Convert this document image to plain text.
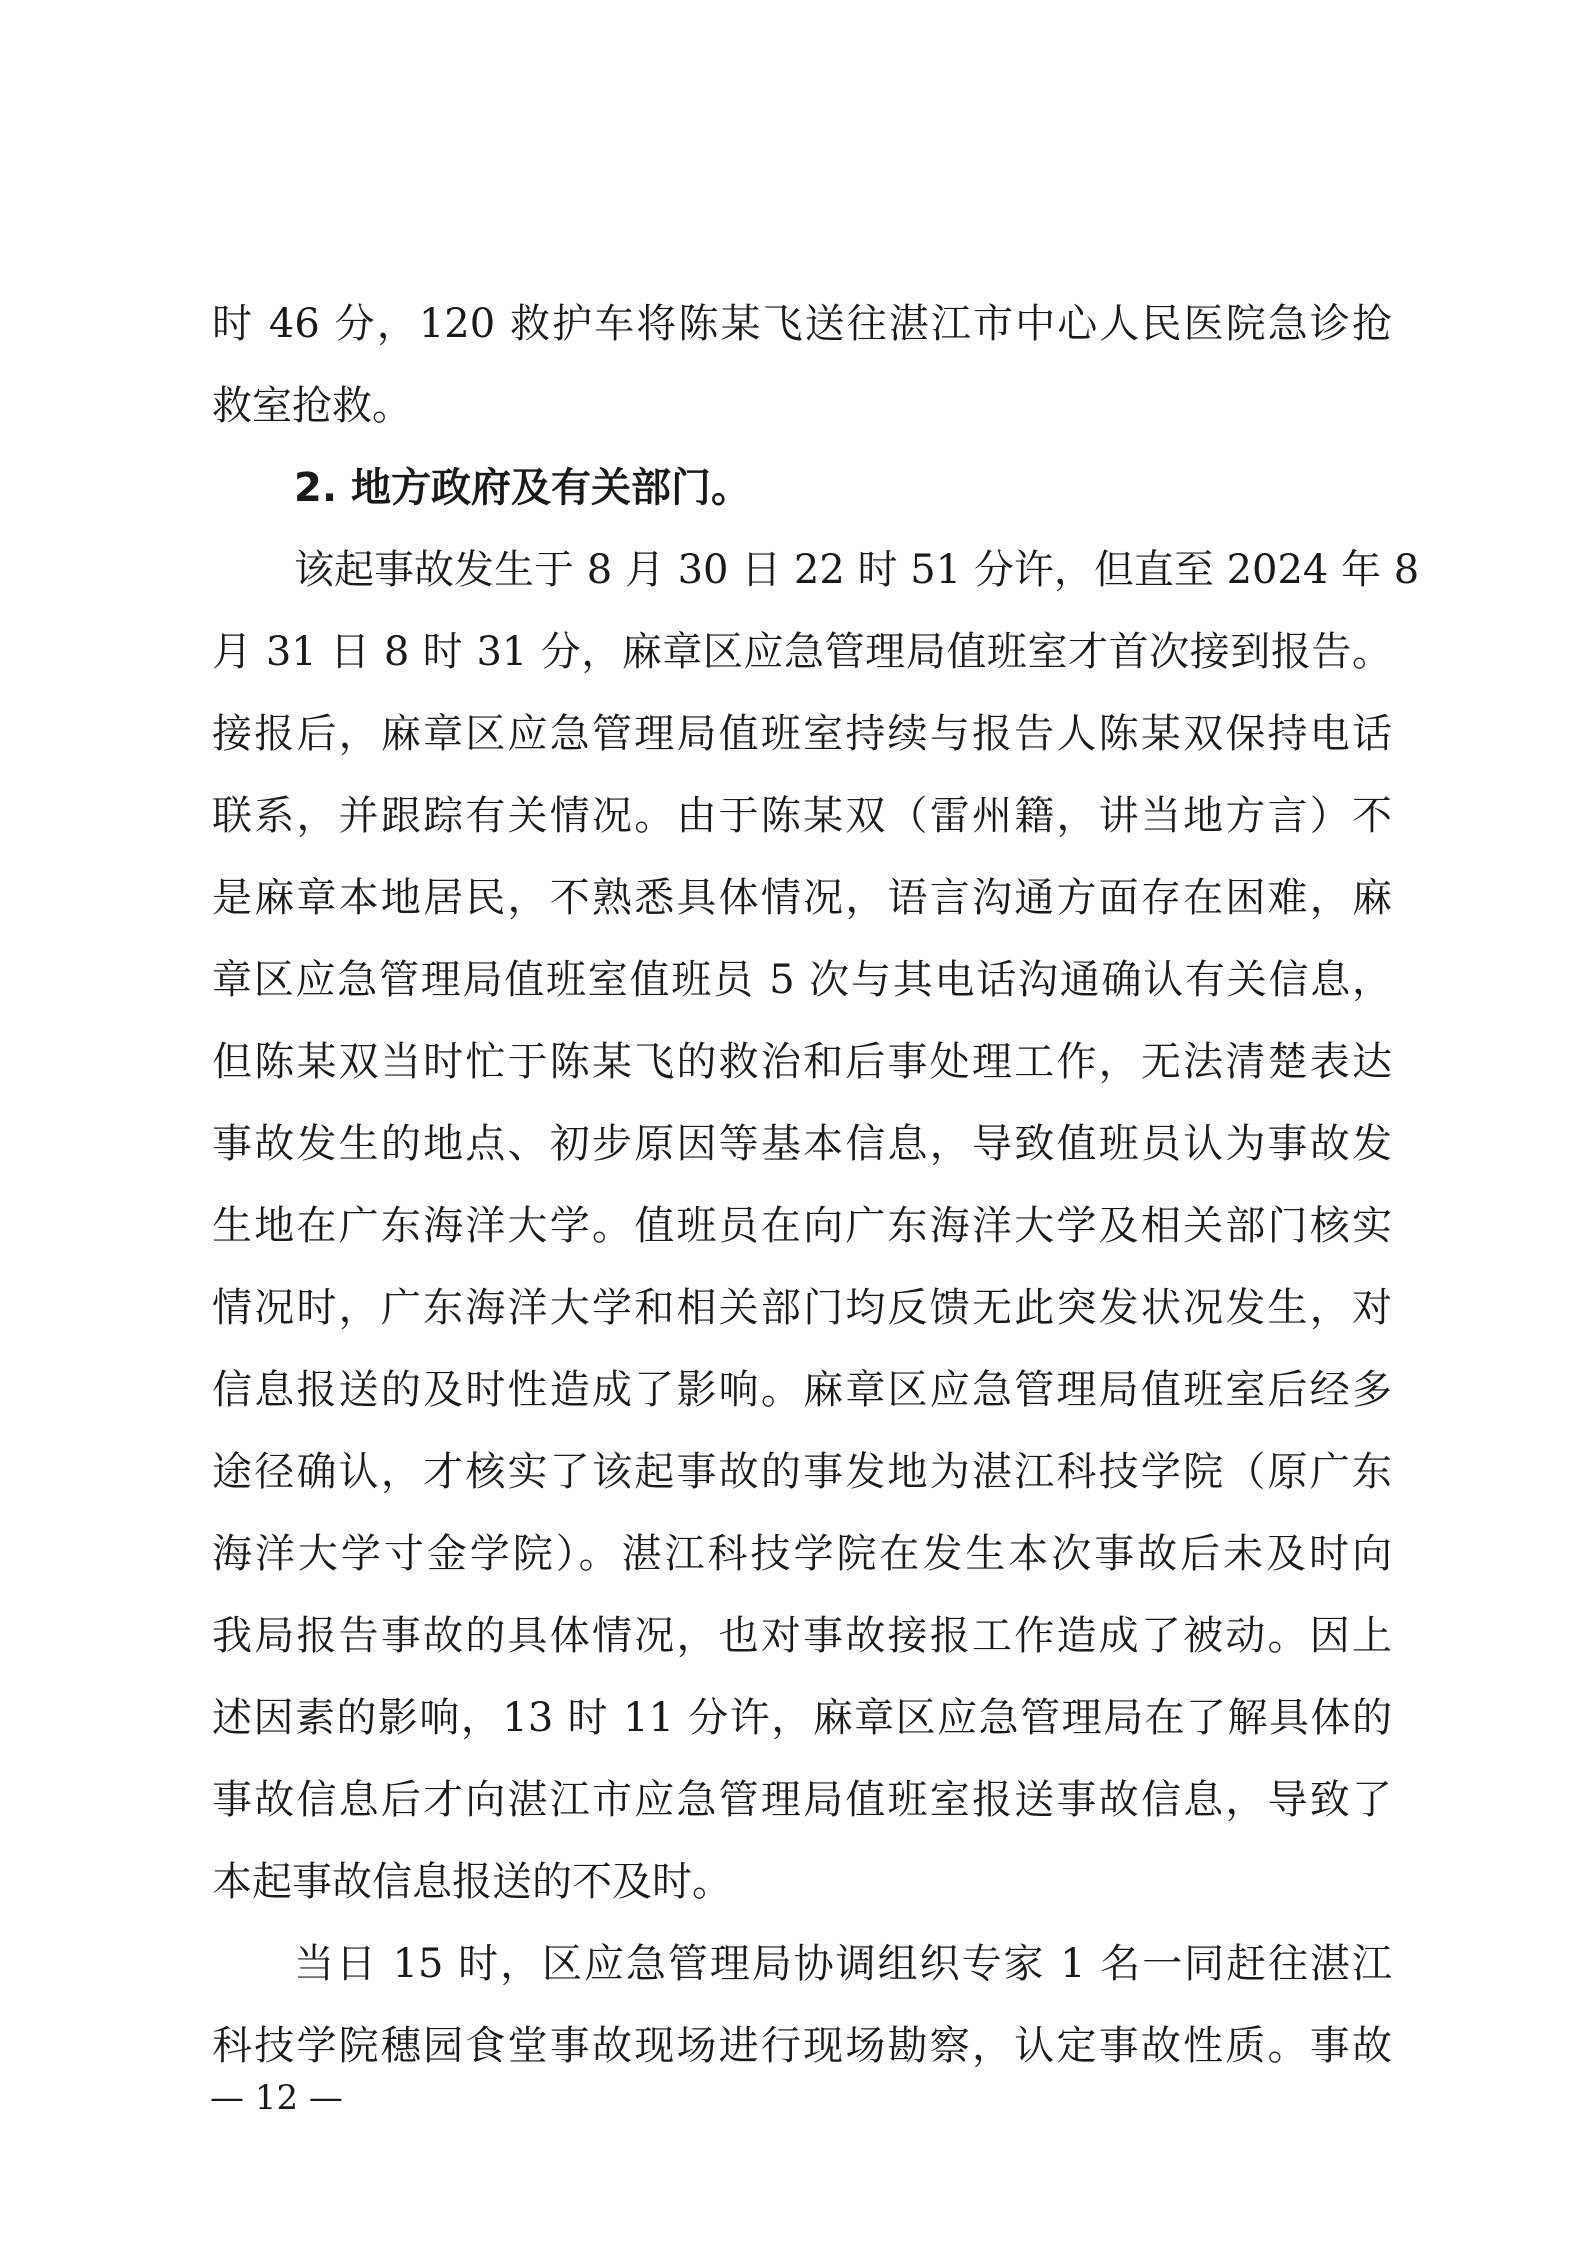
时 46 分，120 救护车将陈某飞送往湛江市中心人民医院急诊抢
救室抢救。
2. 地方政府及有关部门。
该起事故发生于 8 月 30 日 22 时 51 分许，但直至 2024 年 8
月 31 日 8 时 31 分，麻章区应急管理局值班室才首次接到报告。
接报后，麻章区应急管理局值班室持续与报告人陈某双保持电话
联系，并跟踪有关情况。由于陈某双（雷州籍，讲当地方言）不
是麻章本地居民，不熟悉具体情况，语言沟通方面存在困难，麻
章区应急管理局值班室值班员 5 次与其电话沟通确认有关信息，
但陈某双当时忙于陈某飞的救治和后事处理工作，无法清楚表达
事故发生的地点、初步原因等基本信息，导致值班员认为事故发
生地在广东海洋大学。值班员在向广东海洋大学及相关部门核实
情况时，广东海洋大学和相关部门均反馈无此突发状况发生，对
信息报送的及时性造成了影响。麻章区应急管理局值班室后经多
途径确认，才核实了该起事故的事发地为湛江科技学院（原广东
海洋大学寸金学院）。湛江科技学院在发生本次事故后未及时向
我局报告事故的具体情况，也对事故接报工作造成了被动。因上
述因素的影响，13 时 11 分许，麻章区应急管理局在了解具体的
事故信息后才向湛江市应急管理局值班室报送事故信息，导致了
本起事故信息报送的不及时。
当日 15 时，区应急管理局协调组织专家 1 名一同赶往湛江
科技学院穗园食堂事故现场进行现场勘察，认定事故性质。事故
— 12 —
